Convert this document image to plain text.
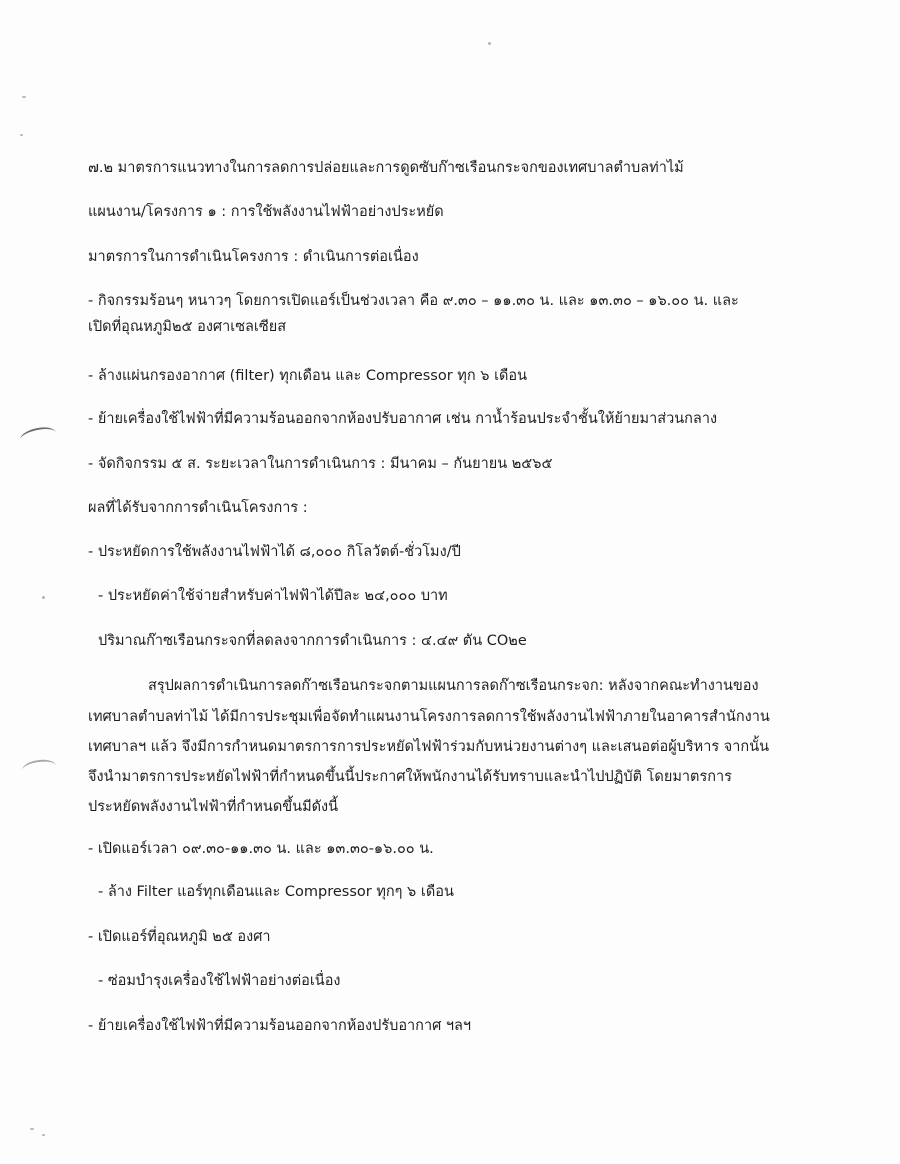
๗.๒ มาตรการแนวทางในการลดการปล่อยและการดูดซับก๊าซเรือนกระจกของเทศบาลตำบลท่าไม้
แผนงาน/โครงการ ๑ : การใช้พลังงานไฟฟ้าอย่างประหยัด
มาตรการในการดำเนินโครงการ : ดำเนินการต่อเนื่อง
- กิจกรรมร้อนๆ หนาวๆ โดยการเปิดแอร์เป็นช่วงเวลา คือ ๙.๓๐ – ๑๑.๓๐ น. และ ๑๓.๓๐ – ๑๖.๐๐ น. และ
เปิดที่อุณหภูมิ๒๕ องศาเซลเซียส
- ล้างแผ่นกรองอากาศ (filter) ทุกเดือน และ Compressor ทุก ๖ เดือน
- ย้ายเครื่องใช้ไฟฟ้าที่มีความร้อนออกจากห้องปรับอากาศ เช่น กาน้ำร้อนประจำชั้นให้ย้ายมาส่วนกลาง
- จัดกิจกรรม ๕ ส. ระยะเวลาในการดำเนินการ : มีนาคม – กันยายน ๒๕๖๕
ผลที่ได้รับจากการดำเนินโครงการ :
- ประหยัดการใช้พลังงานไฟฟ้าได้ ๘,๐๐๐ กิโลวัตต์-ชั่วโมง/ปี
- ประหยัดค่าใช้จ่ายสำหรับค่าไฟฟ้าได้ปีละ ๒๔,๐๐๐ บาท
ปริมาณก๊าซเรือนกระจกที่ลดลงจากการดำเนินการ : ๔.๔๙ ตัน CO๒e
สรุปผลการดำเนินการลดก๊าซเรือนกระจกตามแผนการลดก๊าซเรือนกระจก: หลังจากคณะทำงานของ
เทศบาลตำบลท่าไม้ ได้มีการประชุมเพื่อจัดทำแผนงานโครงการลดการใช้พลังงานไฟฟ้าภายในอาคารสำนักงาน
เทศบาลฯ แล้ว จึงมีการกำหนดมาตรการการประหยัดไฟฟ้าร่วมกับหน่วยงานต่างๆ และเสนอต่อผู้บริหาร จากนั้น
จึงนำมาตรการประหยัดไฟฟ้าที่กำหนดขึ้นนี้ประกาศให้พนักงานได้รับทราบและนำไปปฏิบัติ โดยมาตรการ
ประหยัดพลังงานไฟฟ้าที่กำหนดขึ้นมีดังนี้
- เปิดแอร์เวลา ๐๙.๓๐-๑๑.๓๐ น. และ ๑๓.๓๐-๑๖.๐๐ น.
- ล้าง Filter แอร์ทุกเดือนและ Compressor ทุกๆ ๖ เดือน
- เปิดแอร์ที่อุณหภูมิ ๒๕ องศา
- ซ่อมบำรุงเครื่องใช้ไฟฟ้าอย่างต่อเนื่อง
- ย้ายเครื่องใช้ไฟฟ้าที่มีความร้อนออกจากห้องปรับอากาศ ฯลฯ
